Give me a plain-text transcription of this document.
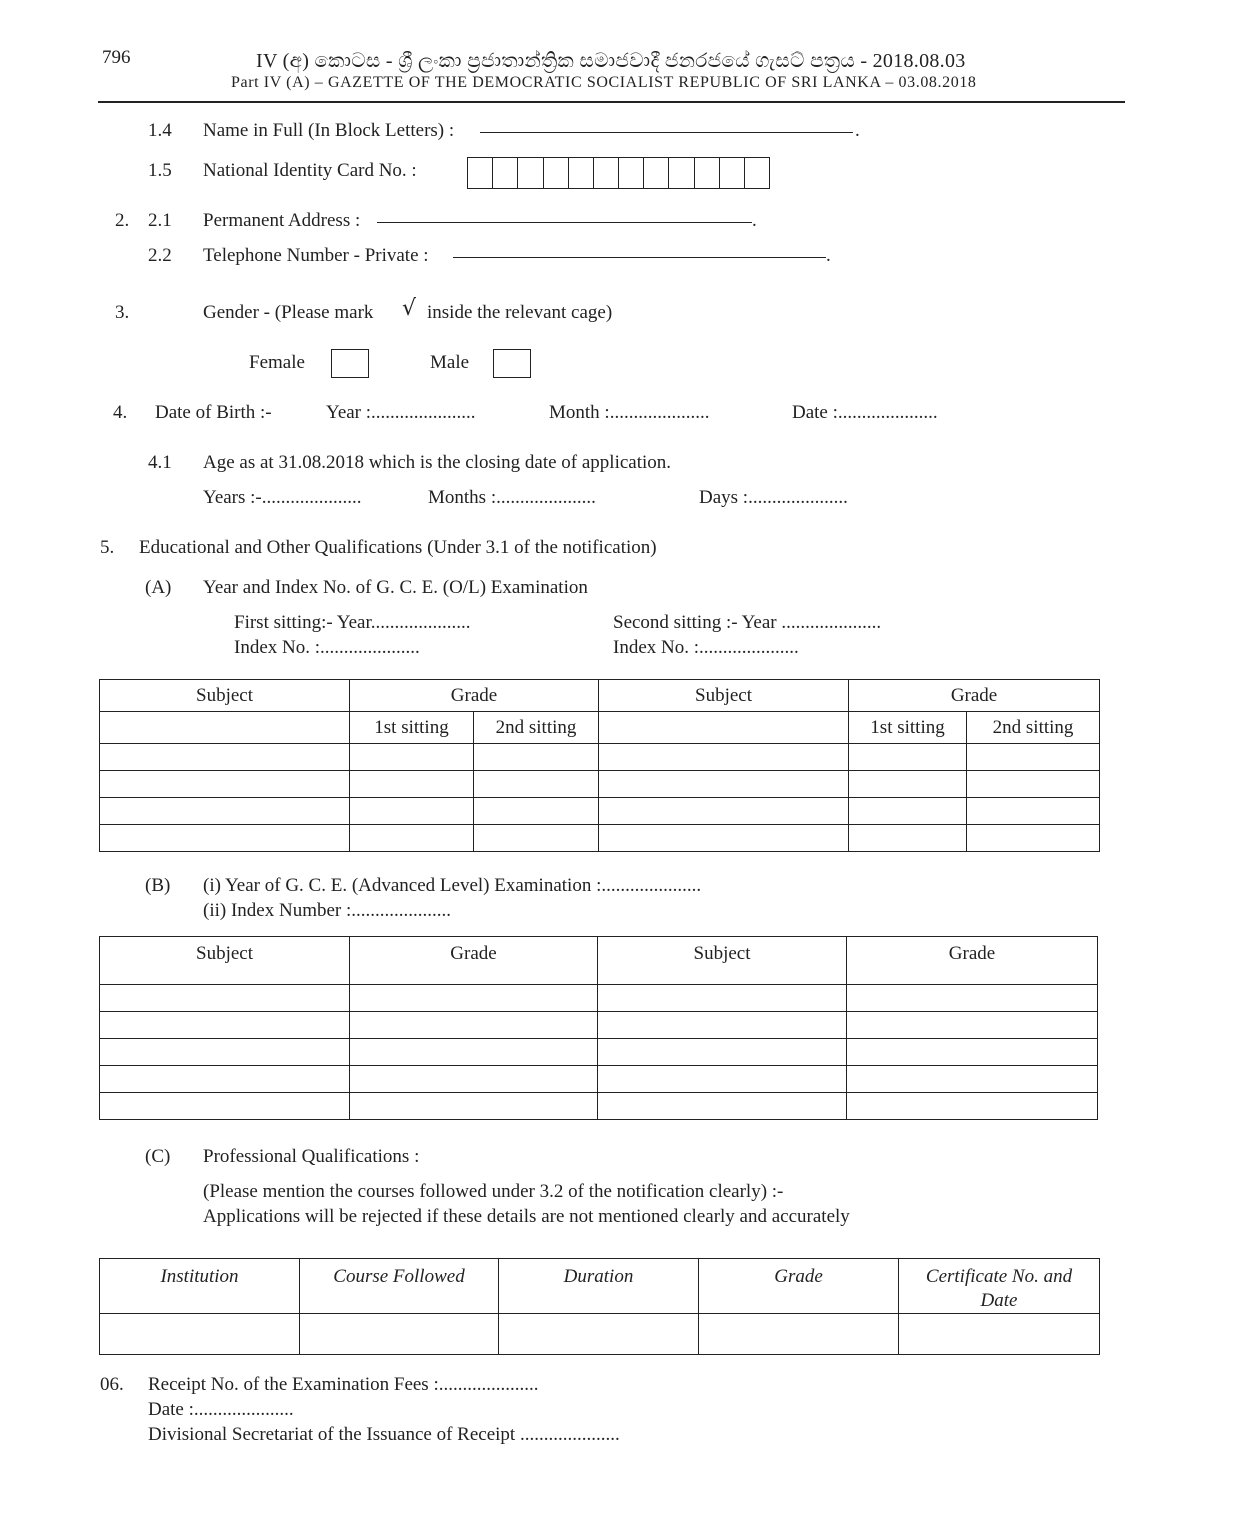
796	IV (අ) කොටස - ශ්‍රී ලංකා ප්‍රජාතාන්ත්‍රික සමාජවාදී ජනරජයේ ගැසට් පත්‍රය - 2018.08.03
Part IV (A) – GAZETTE OF THE DEMOCRATIC SOCIALIST REPUBLIC OF SRI LANKA – 03.08.2018
1.4 Name in Full (In Block Letters) :	.
1.5 National Identity Card No. :
2. 2.1 Permanent Address :	.
2.2 Telephone Number - Private :	.
3.	Gender - (Please mark √ inside the relevant cage)
Female	Male
4. Date of Birth :-	Year :......................	Month :.....................	Date :.....................
4.1 Age as at 31.08.2018 which is the closing date of application.
Years :-.....................	Months :.....................	Days :.....................
5. Educational and Other Qualifications (Under 3.1 of the notification)
(A) Year and Index No. of G. C. E. (O/L) Examination
First sitting:- Year.....................
Index No. :.....................
Second sitting :- Year .....................
Index No. :.....................
Subject	Grade		Subject	Grade	
	1st sitting	2nd sitting		1st sitting	2nd sitting

(B) (i) Year of G. C. E. (Advanced Level) Examination :.....................
(ii) Index Number :.....................
Subject	Grade	Subject	Grade

(C) Professional Qualifications :
(Please mention the courses followed under 3.2 of the notification clearly) :-
Applications will be rejected if these details are not mentioned clearly and accurately
Institution	Course Followed	Duration	Grade	Certificate No. and Date

06. Receipt No. of the Examination Fees :.....................
Date :.....................
Divisional Secretariat of the Issuance of Receipt .....................
